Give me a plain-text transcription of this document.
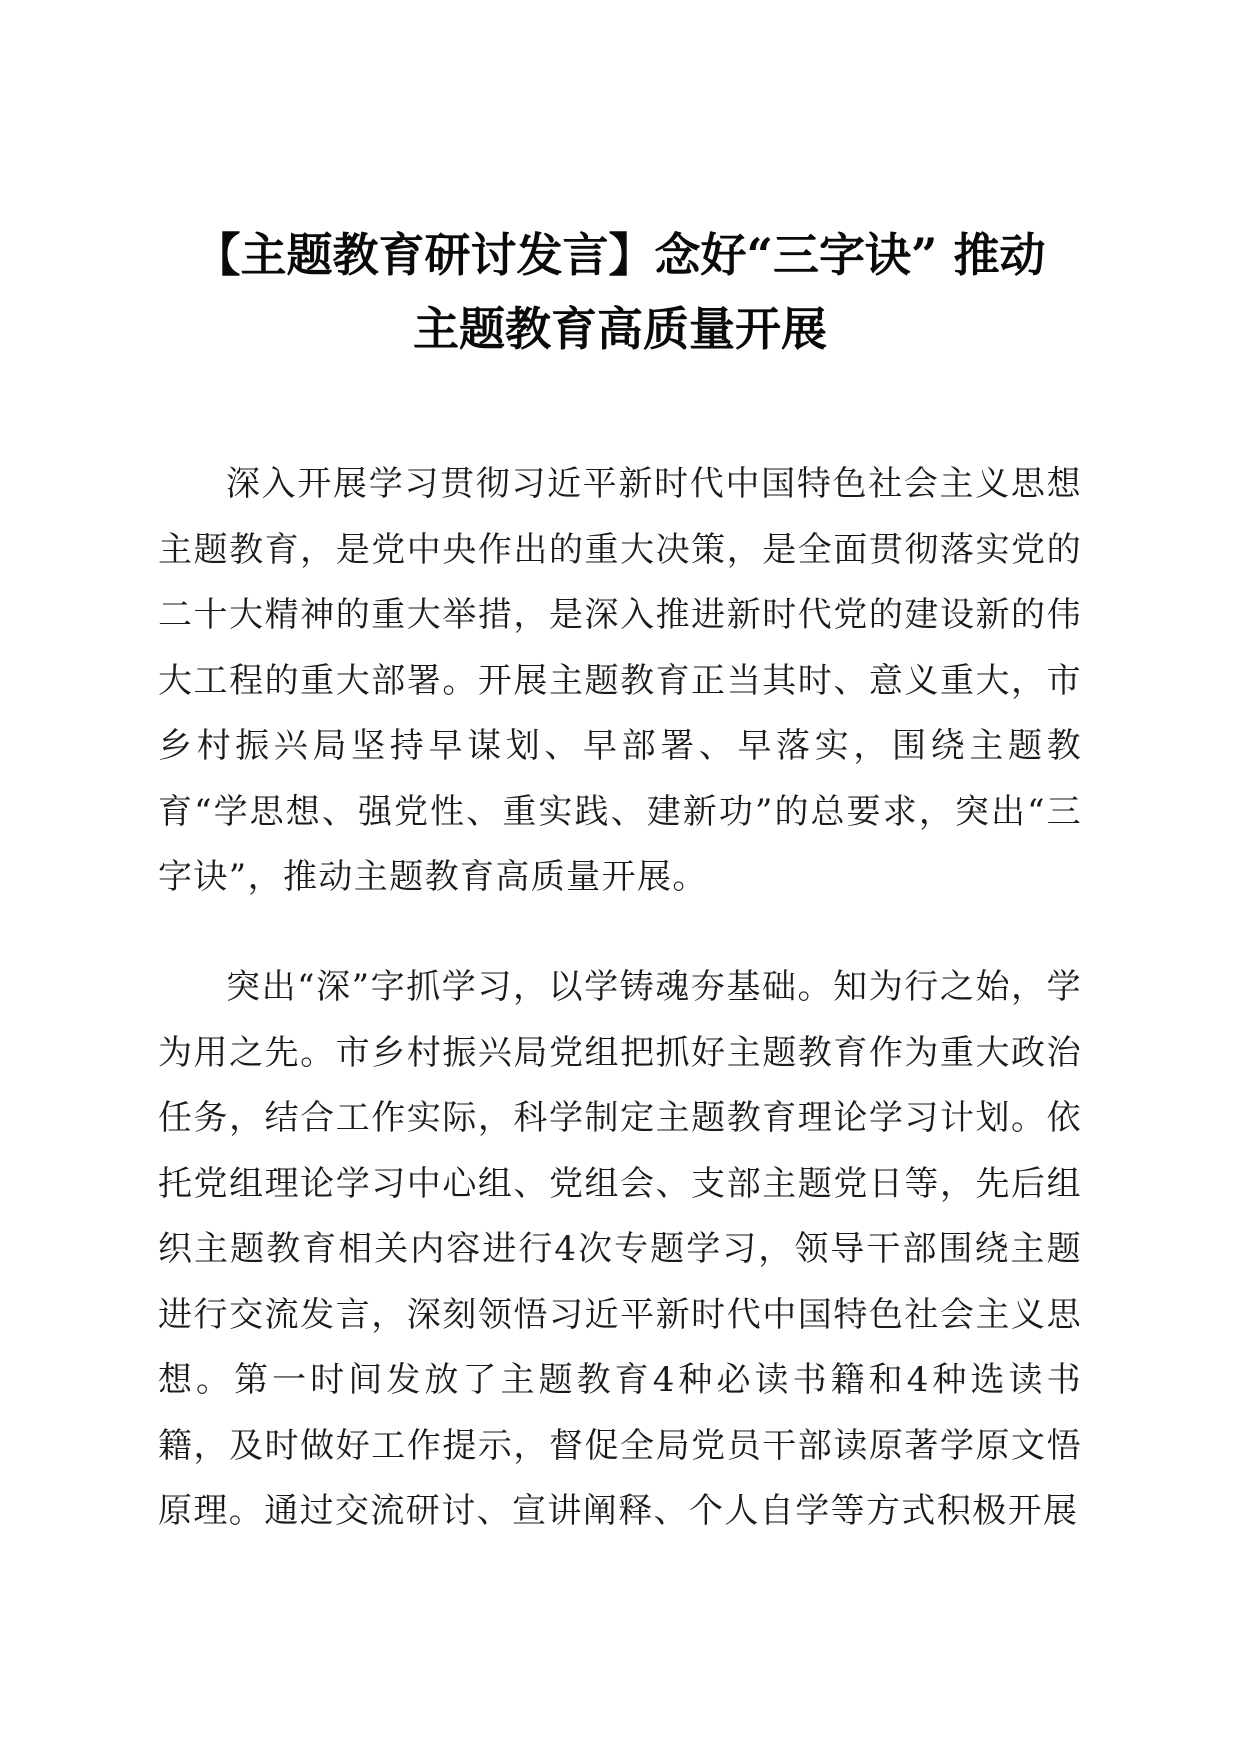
【主题教育研讨发言】念好“三字诀” 推动
主题教育高质量开展

深入开展学习贯彻习近平新时代中国特色社会主义思想主题教育，是党中央作出的重大决策，是全面贯彻落实党的二十大精神的重大举措，是深入推进新时代党的建设新的伟大工程的重大部署。开展主题教育正当其时、意义重大，市乡村振兴局坚持早谋划、早部署、早落实，围绕主题教育“学思想、强党性、重实践、建新功”的总要求，突出“三字诀”，推动主题教育高质量开展。

突出“深”字抓学习，以学铸魂夯基础。知为行之始，学为用之先。市乡村振兴局党组把抓好主题教育作为重大政治任务，结合工作实际，科学制定主题教育理论学习计划。依托党组理论学习中心组、党组会、支部主题党日等，先后组织主题教育相关内容进行4次专题学习，领导干部围绕主题进行交流发言，深刻领悟习近平新时代中国特色社会主义思想。第一时间发放了主题教育4种必读书籍和4种选读书籍，及时做好工作提示，督促全局党员干部读原著学原文悟原理。通过交流研讨、宣讲阐释、个人自学等方式积极开展
